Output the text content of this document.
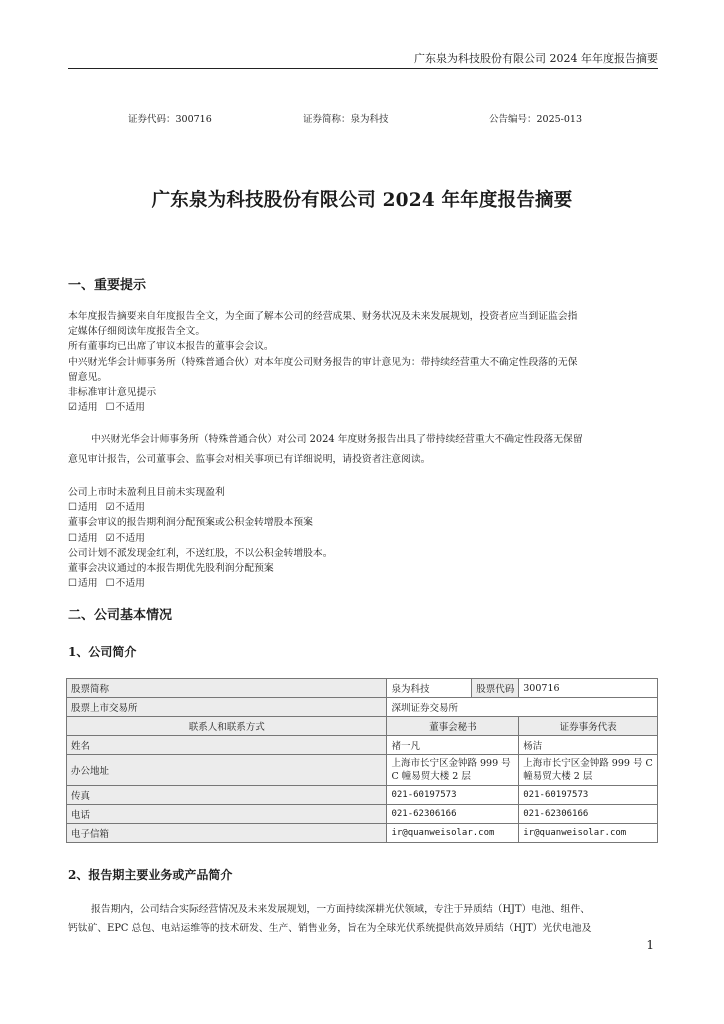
广东泉为科技股份有限公司 2024 年年度报告摘要
证券代码：300716	证券简称：泉为科技	公告编号：2025-013
广东泉为科技股份有限公司 2024 年年度报告摘要
一、重要提示
本年度报告摘要来自年度报告全文，为全面了解本公司的经营成果、财务状况及未来发展规划，投资者应当到证监会指
定媒体仔细阅读年度报告全文。
所有董事均已出席了审议本报告的董事会会议。
中兴财光华会计师事务所（特殊普通合伙）对本年度公司财务报告的审计意见为：带持续经营重大不确定性段落的无保
留意见。
非标准审计意见提示
☑适用 ☐不适用
中兴财光华会计师事务所（特殊普通合伙）对公司 2024 年度财务报告出具了带持续经营重大不确定性段落无保留
意见审计报告，公司董事会、监事会对相关事项已有详细说明，请投资者注意阅读。
公司上市时未盈利且目前未实现盈利
☐适用 ☑不适用
董事会审议的报告期利润分配预案或公积金转增股本预案
☐适用 ☑不适用
公司计划不派发现金红利，不送红股，不以公积金转增股本。
董事会决议通过的本报告期优先股利润分配预案
☐适用 ☐不适用
二、公司基本情况
1、公司简介
股票简称	泉为科技	股票代码	300716
股票上市交易所	深圳证券交易所		
联系人和联系方式	董事会秘书		证券事务代表
姓名	褚一凡		杨洁
办公地址	上海市长宁区金钟路 999 号 C 幢易贸大楼 2 层		上海市长宁区金钟路 999 号 C 幢易贸大楼 2 层
传真	021-60197573		021-60197573
电话	021-62306166		021-62306166
电子信箱	ir@quanweisolar.com		ir@quanweisolar.com
2、报告期主要业务或产品简介
报告期内，公司结合实际经营情况及未来发展规划，一方面持续深耕光伏领域，专注于异质结（HJT）电池、组件、
钙钛矿、EPC 总包、电站运维等的技术研发、生产、销售业务，旨在为全球光伏系统提供高效异质结（HJT）光伏电池及
1
